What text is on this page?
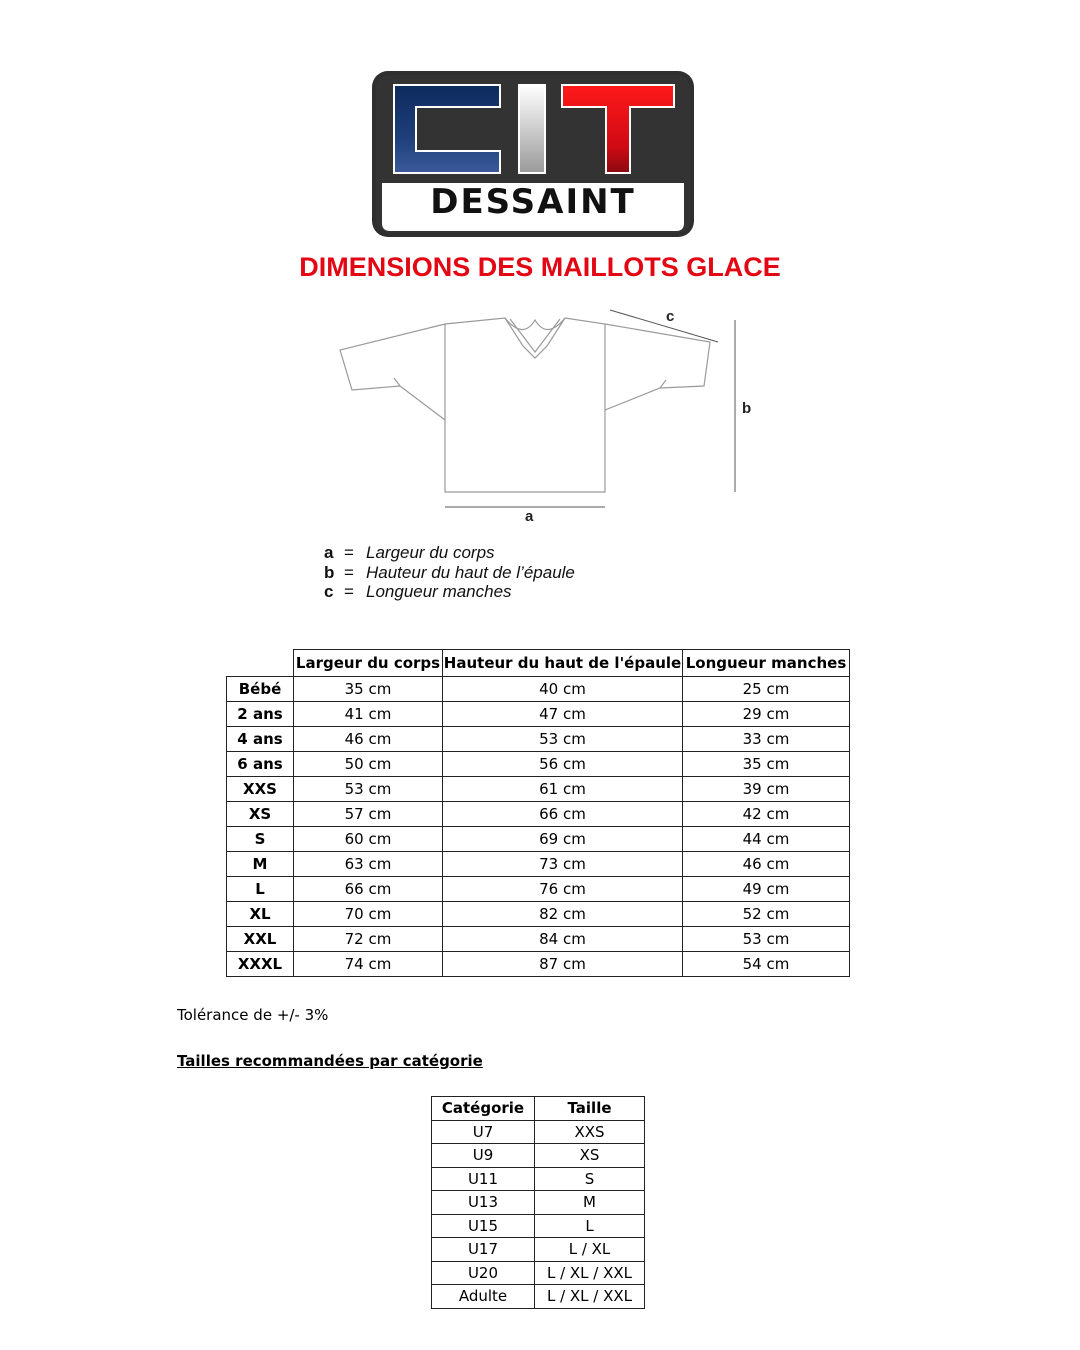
DESSAINT
DIMENSIONS DES MAILLOTS GLACE
a
b
c
a = Largeur du corps
b = Hauteur du haut de l’épaule
c = Longueur manches
	Largeur du corps	Hauteur du haut de l'épaule	Longueur manches
Bébé	35 cm	40 cm	25 cm
2 ans	41 cm	47 cm	29 cm
4 ans	46 cm	53 cm	33 cm
6 ans	50 cm	56 cm	35 cm
XXS	53 cm	61 cm	39 cm
XS	57 cm	66 cm	42 cm
S	60 cm	69 cm	44 cm
M	63 cm	73 cm	46 cm
L	66 cm	76 cm	49 cm
XL	70 cm	82 cm	52 cm
XXL	72 cm	84 cm	53 cm
XXXL	74 cm	87 cm	54 cm
Tolérance de +/- 3%
Tailles recommandées par catégorie
Catégorie	Taille
U7	XXS
U9	XS
U11	S
U13	M
U15	L
U17	L / XL
U20	L / XL / XXL
Adulte	L / XL / XXL
